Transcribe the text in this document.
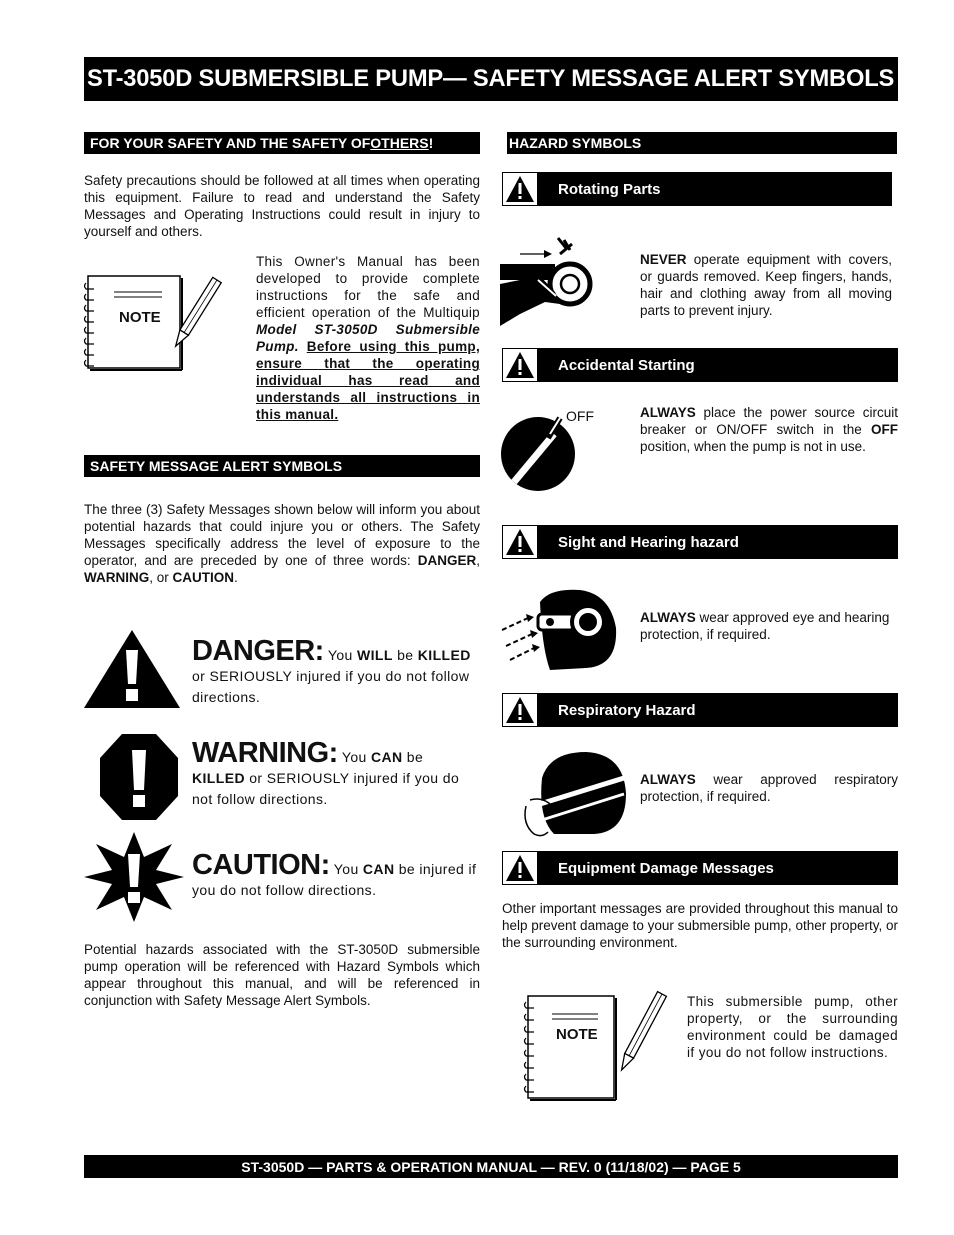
ST-3050D SUBMERSIBLE PUMP— SAFETY MESSAGE ALERT SYMBOLS
FOR YOUR SAFETY AND THE SAFETY OF OTHERS !
Safety precautions should be followed at all times when operating this equipment. Failure to read and understand the Safety Messages and Operating Instructions could result in injury to yourself and others.
NOTE
This Owner's Manual has been developed to provide complete instructions for the safe and efficient operation of the Multiquip Model ST-3050D Submersible Pump. Before using this pump, ensure that the operating individual has read and understands all instructions in this manual.
SAFETY MESSAGE ALERT SYMBOLS
The three (3) Safety Messages shown below will inform you about potential hazards that could injure you or others. The Safety Messages specifically address the level of exposure to the operator, and are preceded by one of three words: DANGER, WARNING, or CAUTION.
DANGER: You WILL be KILLED or SERIOUSLY injured if you do not follow directions.
WARNING: You CAN be KILLED or SERIOUSLY injured if you do not follow directions.
CAUTION: You CAN be injured if you do not follow directions.
Potential hazards associated with the ST-3050D submersible pump operation will be referenced with Hazard Symbols which appear throughout this manual, and will be referenced in conjunction with Safety Message Alert Symbols.
HAZARD SYMBOLS
Rotating Parts
NEVER operate equipment with covers, or guards removed. Keep fingers, hands, hair and clothing away from all moving parts to prevent injury.
Accidental Starting
OFF	ALWAYS place the power source circuit breaker or ON/OFF switch in the OFF position, when the pump is not in use.
Sight and Hearing hazard
ALWAYS wear approved eye and hearing protection, if required.
Respiratory Hazard
ALWAYS wear approved respiratory protection, if required.
Equipment Damage Messages
Other important messages are provided throughout this manual to help prevent damage to your submersible pump, other property, or the surrounding environment.
NOTE
This submersible pump, other property, or the surrounding environment could be damaged if you do not follow instructions.
ST-3050D — PARTS & OPERATION MANUAL — REV. 0 (11/18/02) — PAGE 5
